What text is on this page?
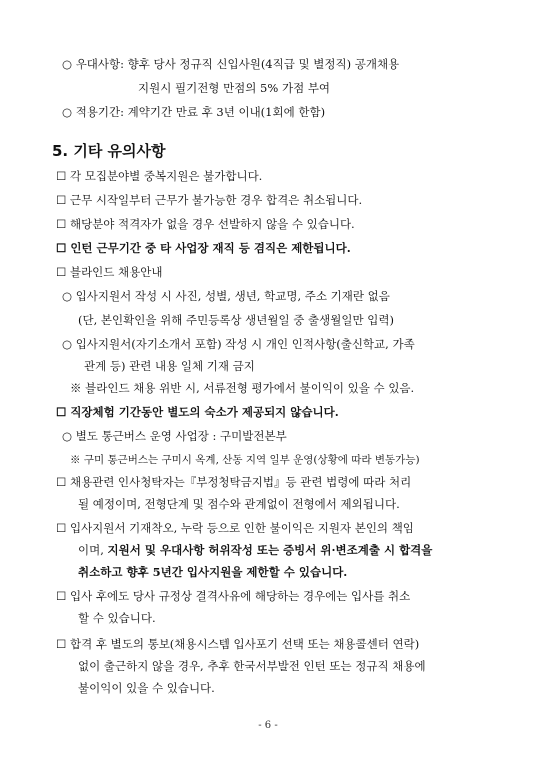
○ 우대사항: 향후 당사 정규직 신입사원(4직급 및 별정직) 공개채용
지원시 필기전형 만점의 5% 가점 부여
○ 적용기간: 계약기간 만료 후 3년 이내(1회에 한함)
5. 기타 유의사항
☐ 각 모집분야별 중복지원은 불가합니다.
☐ 근무 시작일부터 근무가 불가능한 경우 합격은 취소됩니다.
☐ 해당분야 적격자가 없을 경우 선발하지 않을 수 있습니다.
☐ 인턴 근무기간 중 타 사업장 재직 등 겸직은 제한됩니다.
☐ 블라인드 채용안내
○ 입사지원서 작성 시 사진, 성별, 생년, 학교명, 주소 기재란 없음
(단, 본인확인을 위해 주민등록상 생년월일 중 출생월일만 입력)
○ 입사지원서(자기소개서 포함) 작성 시 개인 인적사항(출신학교, 가족
관계 등) 관련 내용 일체 기재 금지
※ 블라인드 채용 위반 시, 서류전형 평가에서 불이익이 있을 수 있음.
☐ 직장체험 기간동안 별도의 숙소가 제공되지 않습니다.
○ 별도 통근버스 운영 사업장 : 구미발전본부
※ 구미 통근버스는 구미시 옥계, 산동 지역 일부 운영(상황에 따라 변동가능)
☐ 채용관련 인사청탁자는『부정청탁금지법』등 관련 법령에 따라 처리
될 예정이며, 전형단계 및 점수와 관계없이 전형에서 제외됩니다.
☐ 입사지원서 기재착오, 누락 등으로 인한 불이익은 지원자 본인의 책임
이며, 지원서 및 우대사항 허위작성 또는 증빙서 위·변조계출 시 합격을
취소하고 향후 5년간 입사지원을 제한할 수 있습니다.
☐ 입사 후에도 당사 규정상 결격사유에 해당하는 경우에는 입사를 취소
할 수 있습니다.
☐ 합격 후 별도의 통보(채용시스템 입사포기 선택 또는 채용콜센터 연락)
없이 출근하지 않을 경우, 추후 한국서부발전 인턴 또는 정규직 채용에
불이익이 있을 수 있습니다.
- 6 -
